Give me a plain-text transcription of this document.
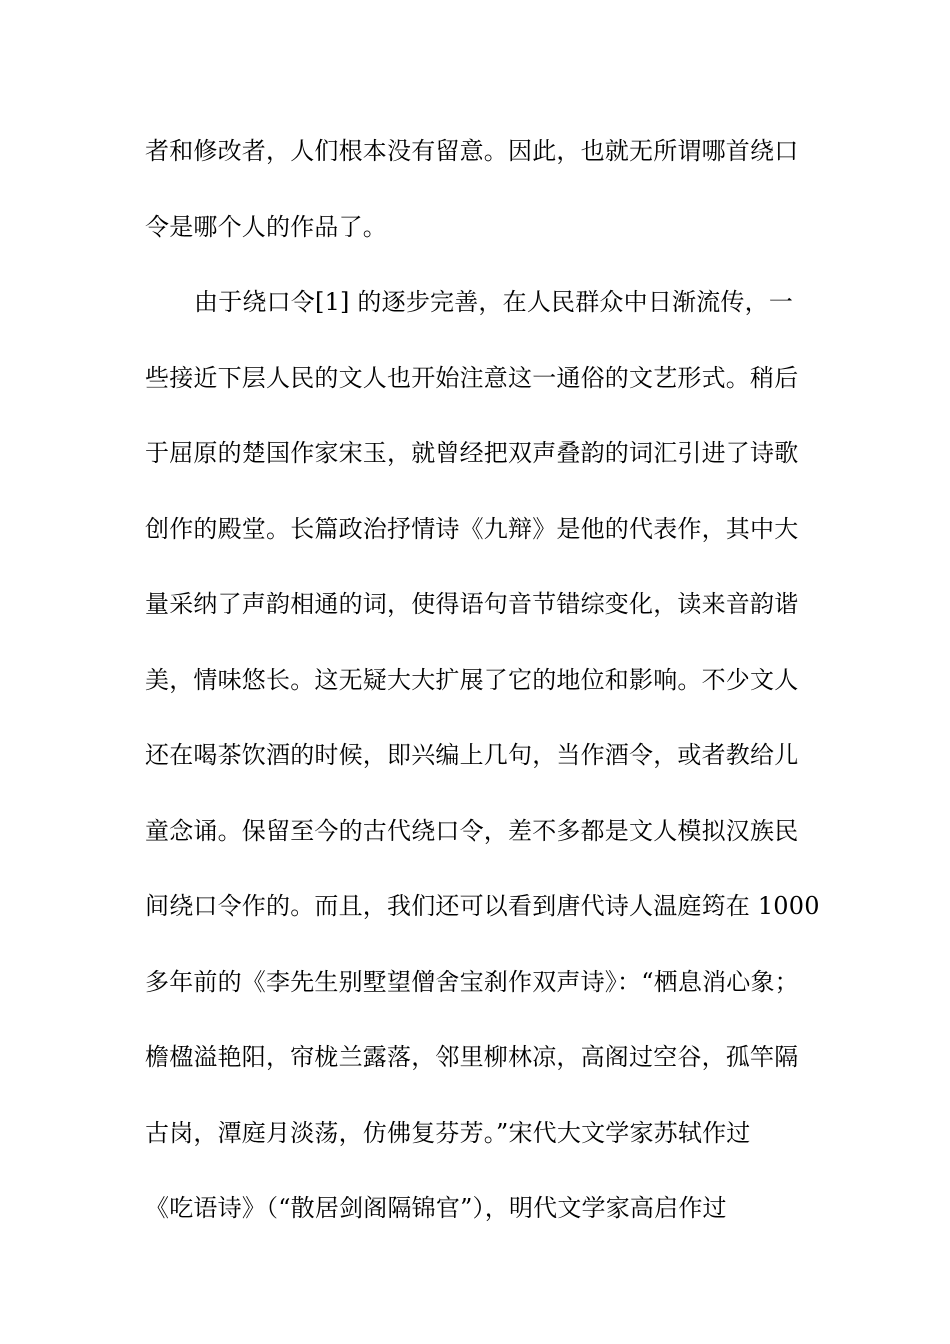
者和修改者，人们根本没有留意。因此，也就无所谓哪首绕口
令是哪个人的作品了。
由于绕口令[1] 的逐步完善，在人民群众中日渐流传，一
些接近下层人民的文人也开始注意这一通俗的文艺形式。稍后
于屈原的楚国作家宋玉，就曾经把双声叠韵的词汇引进了诗歌
创作的殿堂。长篇政治抒情诗《九辩》是他的代表作，其中大
量采纳了声韵相通的词，使得语句音节错综变化，读来音韵谐
美，情味悠长。这无疑大大扩展了它的地位和影响。不少文人
还在喝茶饮酒的时候，即兴编上几句，当作酒令，或者教给儿
童念诵。保留至今的古代绕口令，差不多都是文人模拟汉族民
间绕口令作的。而且，我们还可以看到唐代诗人温庭筠在 1000
多年前的《李先生别墅望僧舍宝刹作双声诗》：“栖息消心象；
檐楹溢艳阳，帘栊兰露落，邻里柳林凉，高阁过空谷，孤竿隔
古岗，潭庭月淡荡，仿佛复芬芳。”宋代大文学家苏轼作过
《吃语诗》（“散居剑阁隔锦官”），明代文学家高启作过
